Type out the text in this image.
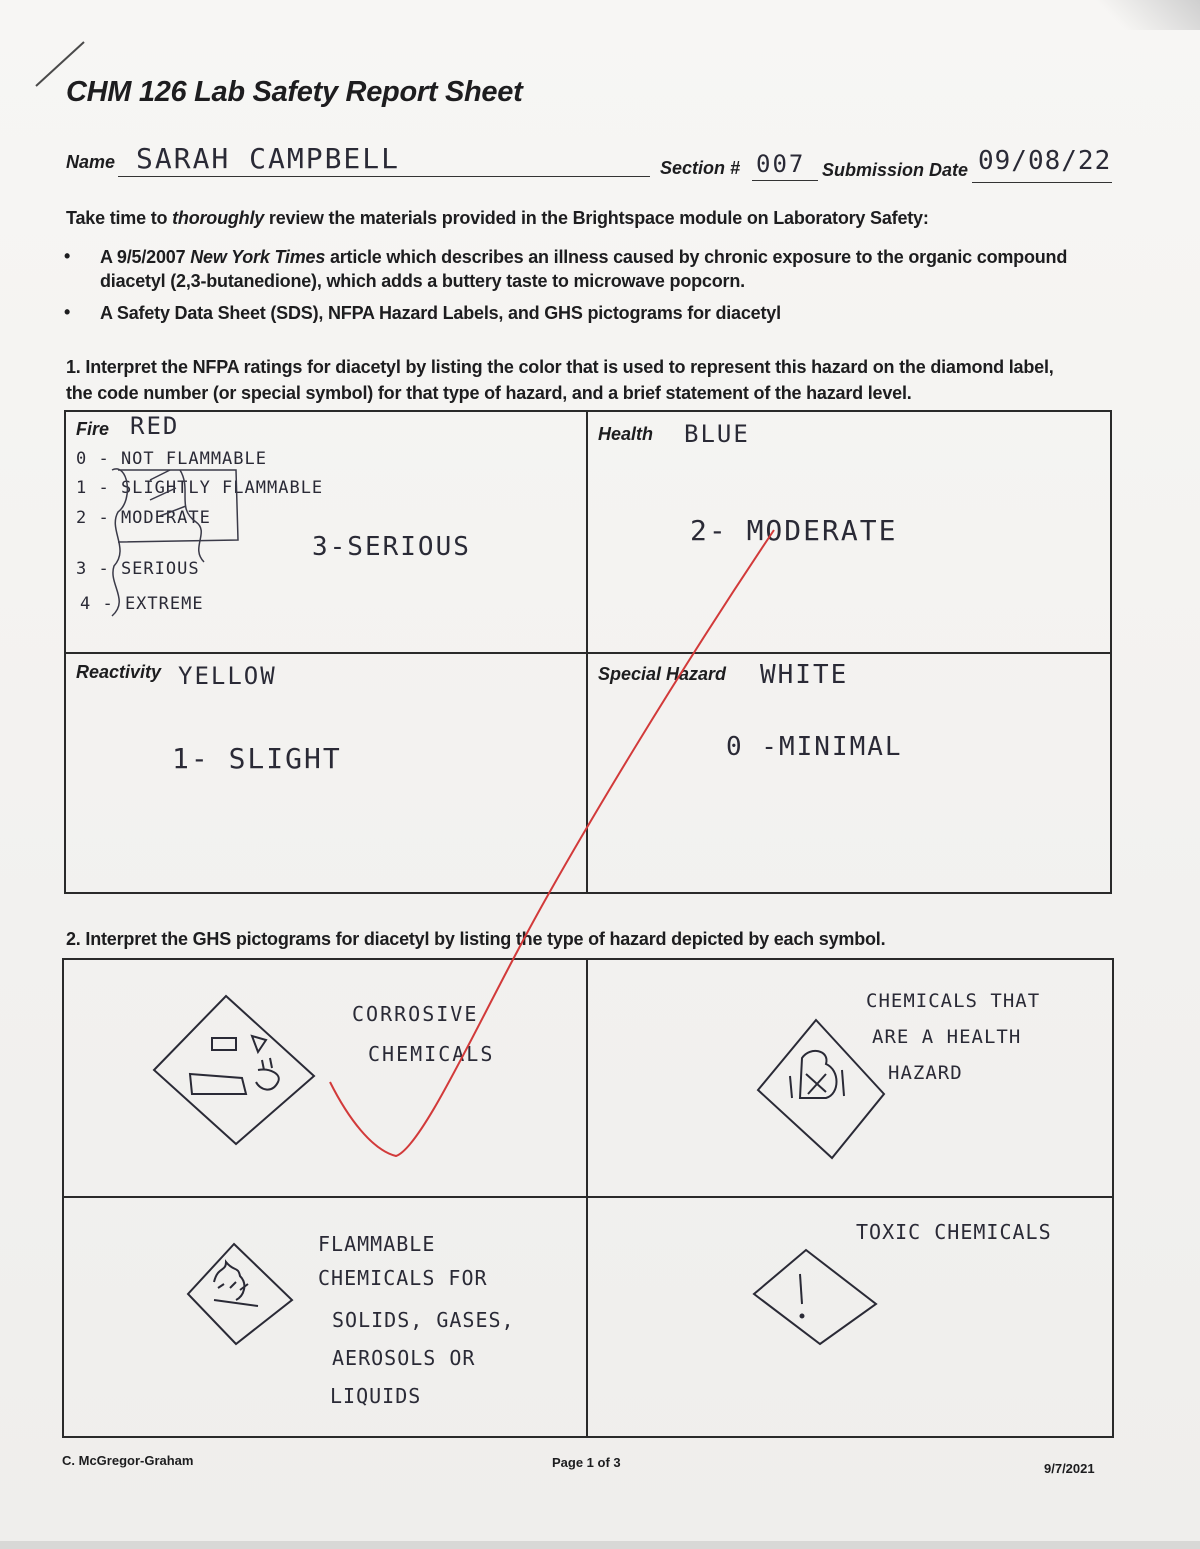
CHM 126 Lab Safety Report Sheet
Name SARAH CAMPBELL	Section # 007 Submission Date 09/08/22
Take time to thoroughly review the materials provided in the Brightspace module on Laboratory Safety:
• A 9/5/2007 New York Times article which describes an illness caused by chronic exposure to the organic compound
diacetyl (2,3-butanedione), which adds a buttery taste to microwave popcorn.
• A Safety Data Sheet (SDS), NFPA Hazard Labels, and GHS pictograms for diacetyl
1. Interpret the NFPA ratings for diacetyl by listing the color that is used to represent this hazard on the diamond label,
the code number (or special symbol) for that type of hazard, and a brief statement of the hazard level.
Fire RED
0 - NOT FLAMMABLE
1 - SLIGHTLY FLAMMABLE
2 - MODERATE
3 - SERIOUS
4 - EXTREME
3-SERIOUS
Health BLUE
2- MODERATE
Reactivity YELLOW
1- SLIGHT
Special Hazard WHITE
0 -MINIMAL
2. Interpret the GHS pictograms for diacetyl by listing the type of hazard depicted by each symbol.
CORROSIVE
CHEMICALS
CHEMICALS THAT
ARE A HEALTH
HAZARD
FLAMMABLE
CHEMICALS FOR
SOLIDS, GASES,
AEROSOLS OR
LIQUIDS
TOXIC CHEMICALS
C. McGregor-Graham	Page 1 of 3	9/7/2021
